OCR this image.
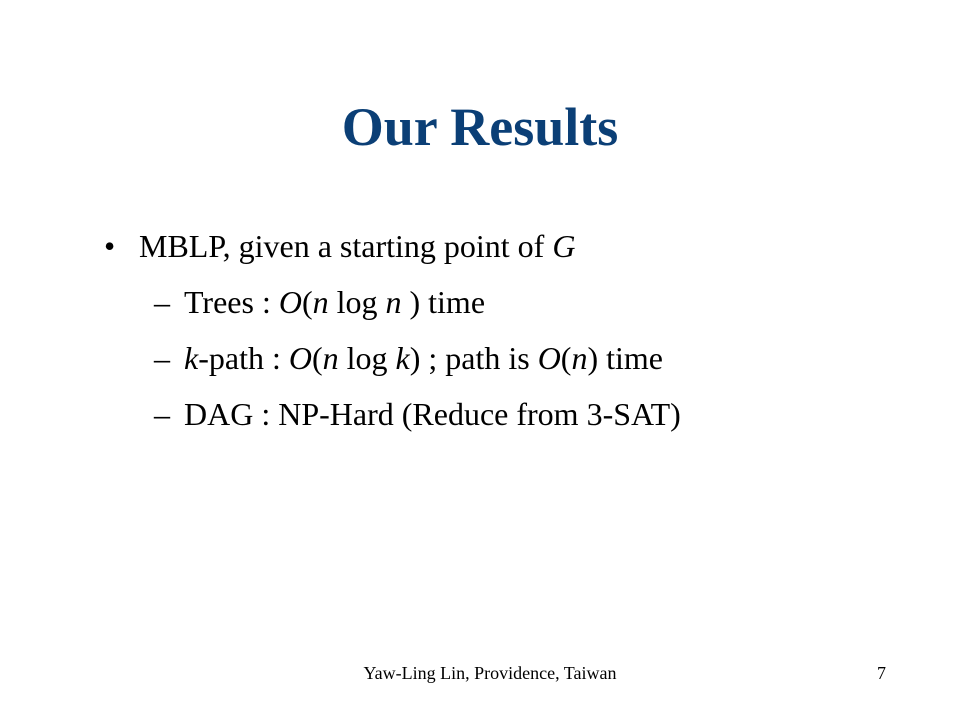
Our Results
• MBLP, given a starting point of G
– Trees : O(n log n ) time
– k-path : O(n log k) ; path is O(n) time
– DAG : NP-Hard (Reduce from 3-SAT)
Yaw-Ling Lin, Providence, Taiwan	7
